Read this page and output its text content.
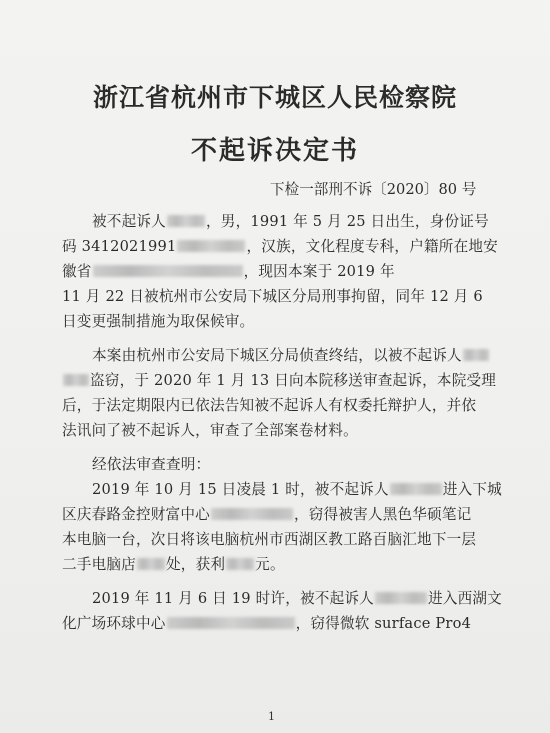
浙江省杭州市下城区人民检察院
不起诉决定书
下检一部刑不诉〔2020〕80 号
被不起诉人	，男，1991 年 5 月 25 日出生，身份证号
码 3412021991	，汉族，文化程度专科，户籍所在地安
徽省	，现因本案于 2019 年
11 月 22 日被杭州市公安局下城区分局刑事拘留，同年 12 月 6
日变更强制措施为取保候审。
本案由杭州市公安局下城区分局侦查终结，以被不起诉人
盗窃，于 2020 年 1 月 13 日向本院移送审查起诉，本院受理
后，于法定期限内已依法告知被不起诉人有权委托辩护人，并依
法讯问了被不起诉人，审查了全部案卷材料。
经依法审查查明：
2019 年 10 月 15 日凌晨 1 时，被不起诉人	进入下城
区庆春路金控财富中心	，窃得被害人黑色华硕笔记
本电脑一台，次日将该电脑杭州市西湖区教工路百脑汇地下一层
二手电脑店 处，获利 元。
2019 年 11 月 6 日 19 时许，被不起诉人	进入西湖文
化广场环球中心	，窃得微软 surface Pro4
1
